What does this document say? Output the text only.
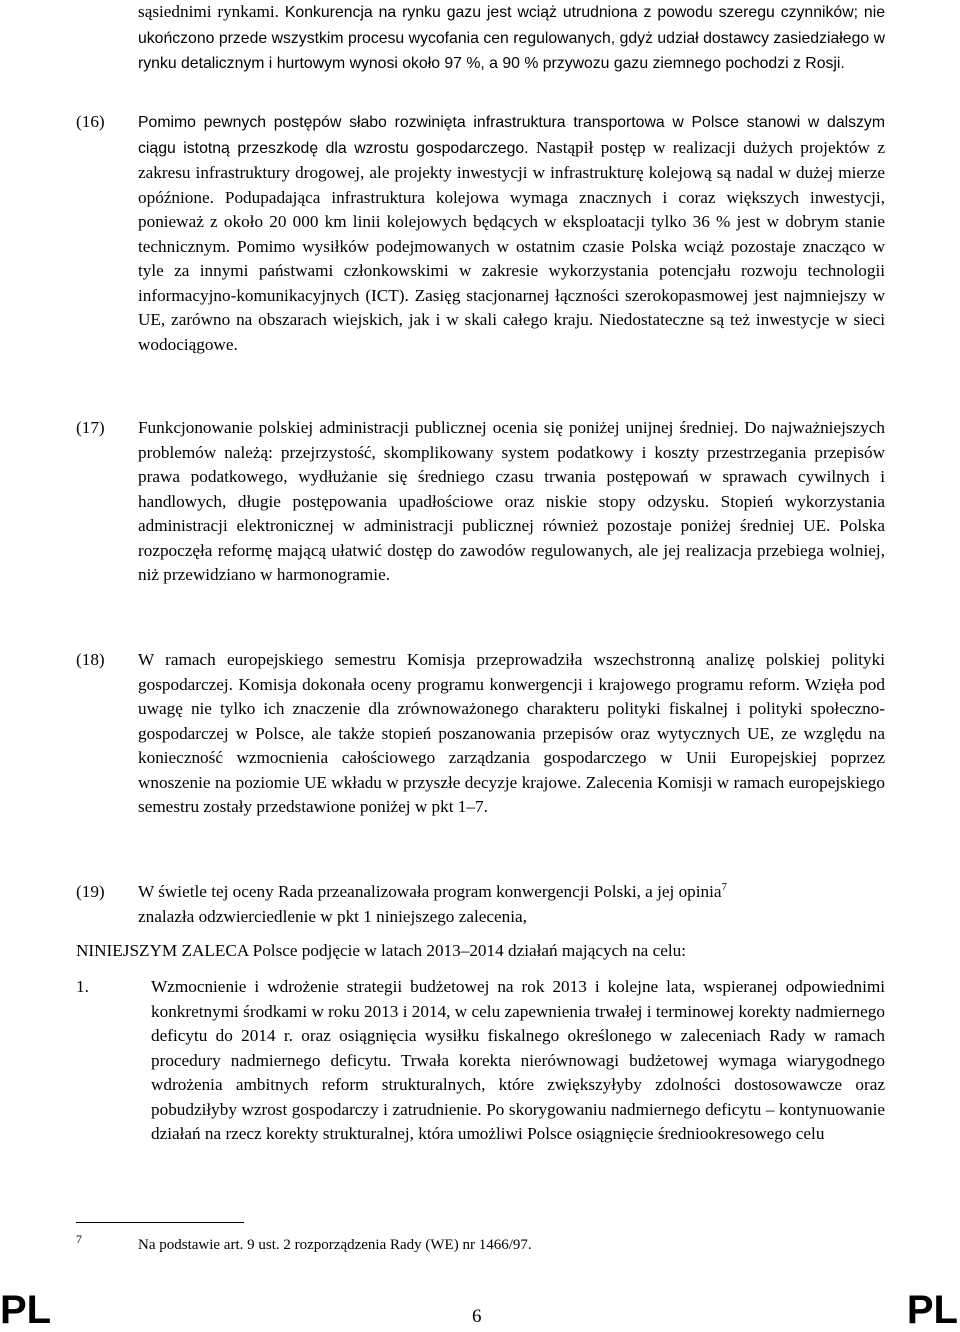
sąsiednimi rynkami. Konkurencja na rynku gazu jest wciąż utrudniona z powodu szeregu czynników; nie ukończono przede wszystkim procesu wycofania cen regulowanych, gdyż udział dostawcy zasiedziałego w rynku detalicznym i hurtowym wynosi około 97 %, a 90 % przywozu gazu ziemnego pochodzi z Rosji.
(16) Pomimo pewnych postępów słabo rozwinięta infrastruktura transportowa w Polsce stanowi w dalszym ciągu istotną przeszkodę dla wzrostu gospodarczego. Nastąpił postęp w realizacji dużych projektów z zakresu infrastruktury drogowej, ale projekty inwestycji w infrastrukturę kolejową są nadal w dużej mierze opóźnione. Podupadająca infrastruktura kolejowa wymaga znacznych i coraz większych inwestycji, ponieważ z około 20 000 km linii kolejowych będących w eksploatacji tylko 36 % jest w dobrym stanie technicznym. Pomimo wysiłków podejmowanych w ostatnim czasie Polska wciąż pozostaje znacząco w tyle za innymi państwami członkowskimi w zakresie wykorzystania potencjału rozwoju technologii informacyjno-komunikacyjnych (ICT). Zasięg stacjonarnej łączności szerokopasmowej jest najmniejszy w UE, zarówno na obszarach wiejskich, jak i w skali całego kraju. Niedostateczne są też inwestycje w sieci wodociągowe.
(17) Funkcjonowanie polskiej administracji publicznej ocenia się poniżej unijnej średniej. Do najważniejszych problemów należą: przejrzystość, skomplikowany system podatkowy i koszty przestrzegania przepisów prawa podatkowego, wydłużanie się średniego czasu trwania postępowań w sprawach cywilnych i handlowych, długie postępowania upadłościowe oraz niskie stopy odzysku. Stopień wykorzystania administracji elektronicznej w administracji publicznej również pozostaje poniżej średniej UE. Polska rozpoczęła reformę mającą ułatwić dostęp do zawodów regulowanych, ale jej realizacja przebiega wolniej, niż przewidziano w harmonogramie.
(18) W ramach europejskiego semestru Komisja przeprowadziła wszechstronną analizę polskiej polityki gospodarczej. Komisja dokonała oceny programu konwergencji i krajowego programu reform. Wzięła pod uwagę nie tylko ich znaczenie dla zrównoważonego charakteru polityki fiskalnej i polityki społeczno-gospodarczej w Polsce, ale także stopień poszanowania przepisów oraz wytycznych UE, ze względu na konieczność wzmocnienia całościowego zarządzania gospodarczego w Unii Europejskiej poprzez wnoszenie na poziomie UE wkładu w przyszłe decyzje krajowe. Zalecenia Komisji w ramach europejskiego semestru zostały przedstawione poniżej w pkt 1–7.
(19) W świetle tej oceny Rada przeanalizowała program konwergencji Polski, a jej opinia$^7$
znalazła odzwierciedlenie w pkt 1 niniejszego zalecenia,
NINIEJSZYM ZALECA Polsce podjęcie w latach 2013–2014 działań mających na celu:
1.	Wzmocnienie i wdrożenie strategii budżetowej na rok 2013 i kolejne lata, wspieranej odpowiednimi konkretnymi środkami w roku 2013 i 2014, w celu zapewnienia trwałej i terminowej korekty nadmiernego deficytu do 2014 r. oraz osiągnięcia wysiłku fiskalnego określonego w zaleceniach Rady w ramach procedury nadmiernego deficytu. Trwała korekta nierównowagi budżetowej wymaga wiarygodnego wdrożenia ambitnych reform strukturalnych, które zwiększyłyby zdolności dostosowawcze oraz pobudziłyby wzrost gospodarczy i zatrudnienie. Po skorygowaniu nadmiernego deficytu – kontynuowanie działań na rzecz korekty strukturalnej, która umożliwi Polsce osiągnięcie średniookresowego celu
7	Na podstawie art. 9 ust. 2 rozporządzenia Rady (WE) nr 1466/97.
PL	6	PL
